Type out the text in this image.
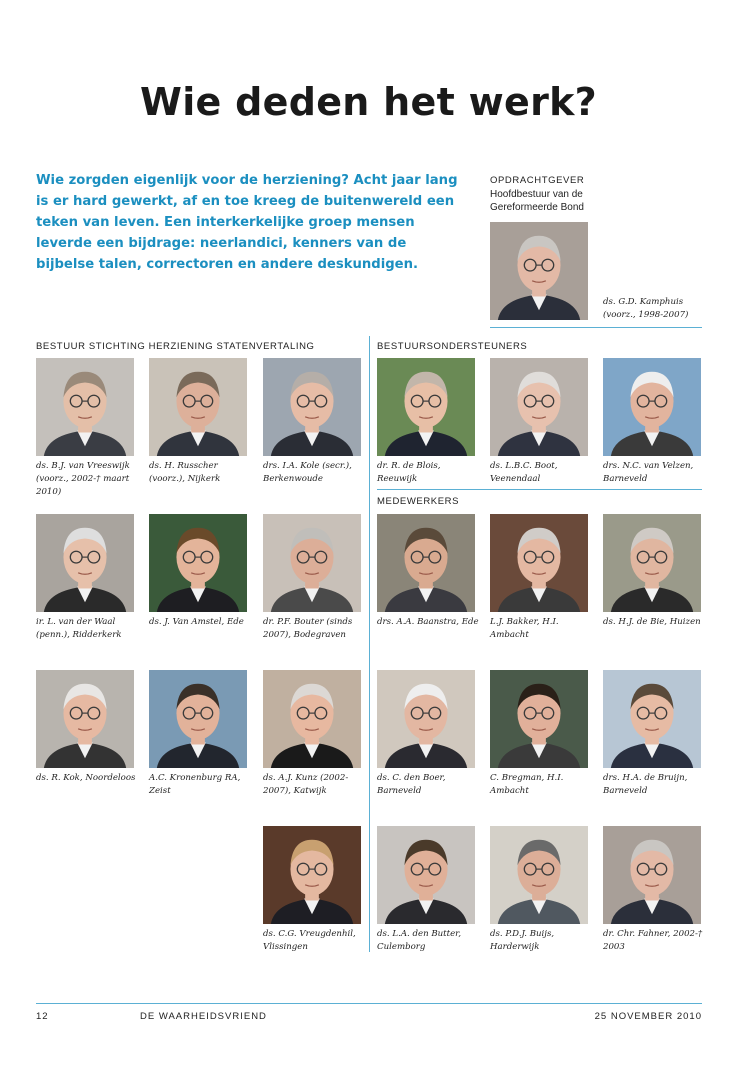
Wie deden het werk?

Wie zorgden eigenlijk voor de herziening? Acht jaar lang is er hard gewerkt, af en toe kreeg de buitenwereld een teken van leven. Een interkerkelijke groep mensen leverde een bijdrage: neerlandici, kenners van de bijbelse talen, correctoren en andere deskundigen.

OPDRACHTGEVER
Hoofdbestuur van de
Gereformeerde Bond
ds. G.D. Kamphuis (voorz., 1998-2007)
BESTUUR STICHTING HERZIENING STATENVERTALING	BESTUURSONDERSTEUNERS
MEDEWERKERS
ds. B.J. van Vreeswijk (voorz., 2002-† maart 2010)
ds. H. Russcher (voorz.), Nijkerk
drs. I.A. Kole (secr.), Berkenwoude
dr. R. de Blois, Reeuwijk
ds. L.B.C. Boot, Veenendaal
drs. N.C. van Velzen, Barneveld
ir. L. van der Waal (penn.), Ridderkerk
ds. J. Van Amstel, Ede	dr. P.F. Bouter (sinds 2007), Bodegraven
drs. A.A. Baanstra, Ede L.J. Bakker, H.I. Ambacht
ds. H.J. de Bie, Huizen
ds. R. Kok, Noordeloos	A.C. Kronenburg RA, Zeist
ds. A.J. Kunz (2002-2007), Katwijk
ds. C. den Boer, Barneveld
C. Bregman, H.I. Ambacht
drs. H.A. de Bruijn, Barneveld
ds. C.G. Vreugdenhil, Vlissingen
ds. L.A. den Butter, Culemborg
ds. P.D.J. Buijs, Harderwijk
dr. Chr. Fahner, 2002-† 2003
12	DE WAARHEIDSVRIEND	25 NOVEMBER 2010
